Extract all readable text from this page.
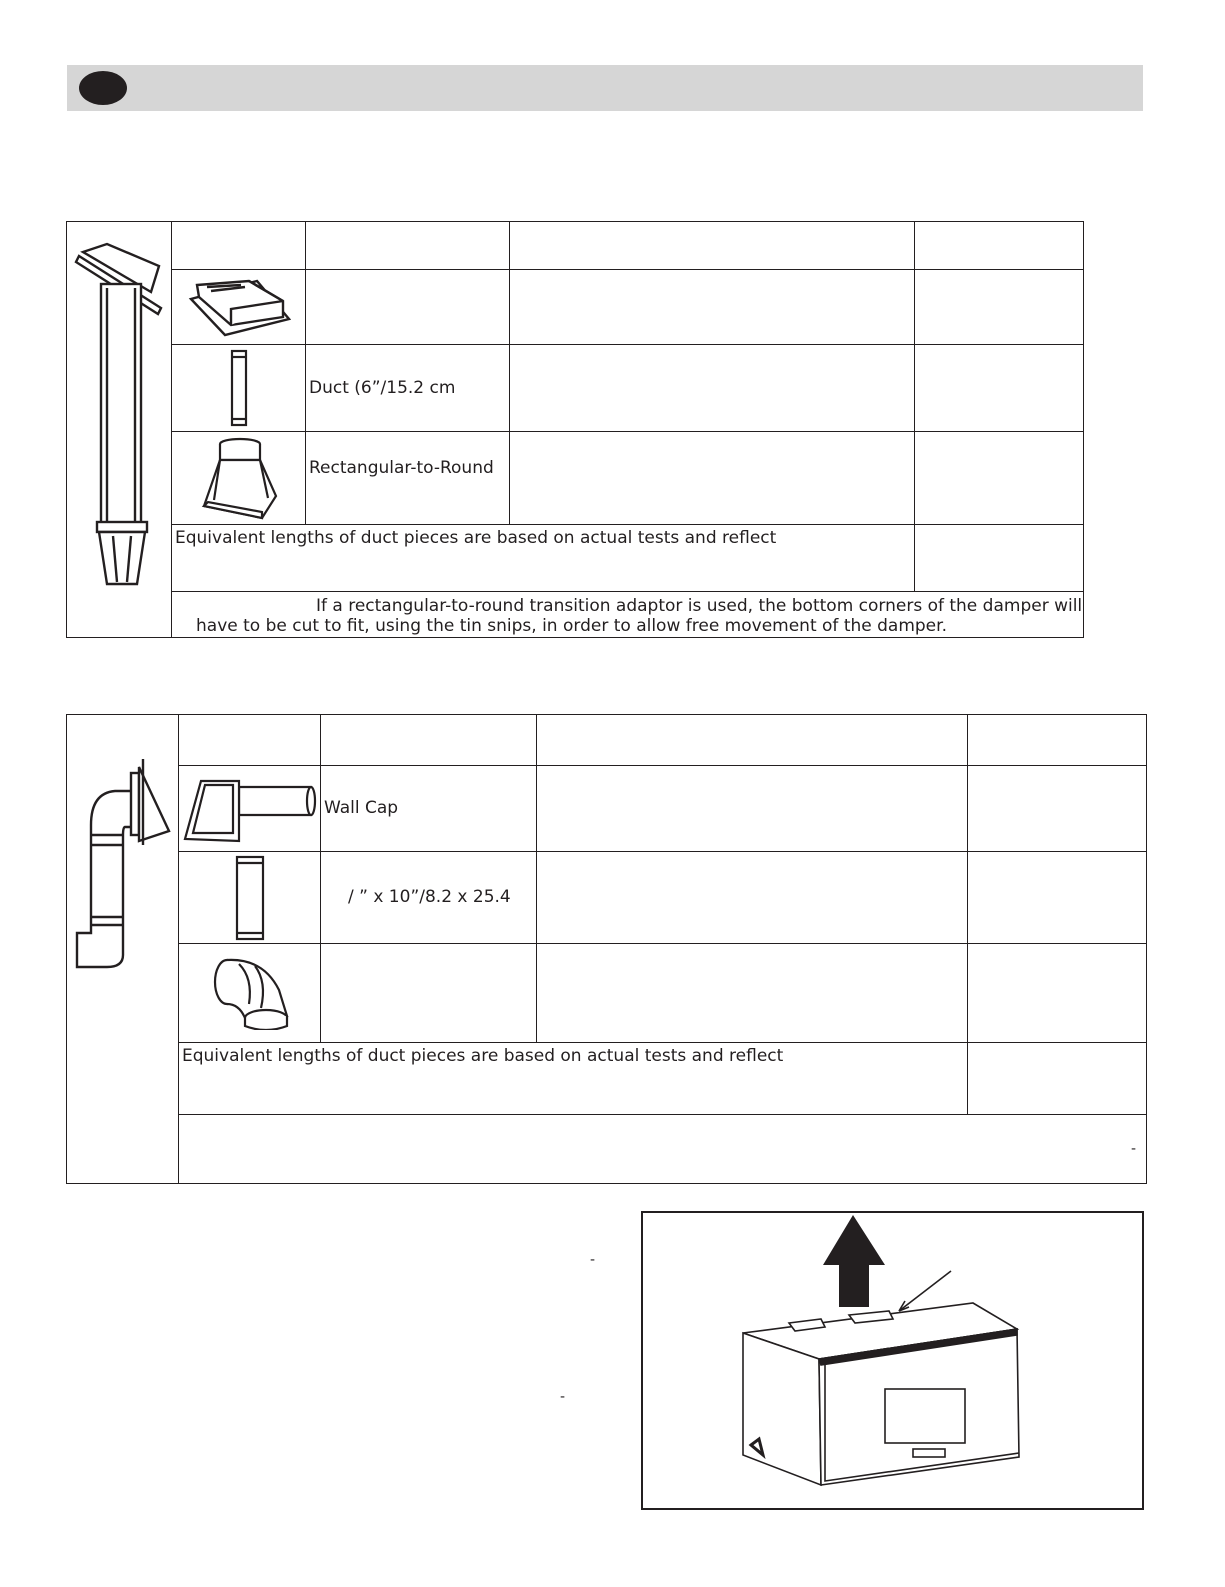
Duct (6”/15.2 cm		

Rectangular-to-Round		

	Equivalent lengths of duct pieces are based on actual tests and reflect			

	If a rectangular-to-round transition adaptor is used, the bottom corners of the damper will have to be cut to fit, using the tin snips, in order to allow free movement of the damper.			

Wall Cap		

/ ” x 10”/8.2 x 25.4		

	Equivalent lengths of duct pieces are based on actual tests and reflect			

	-			
-
-
